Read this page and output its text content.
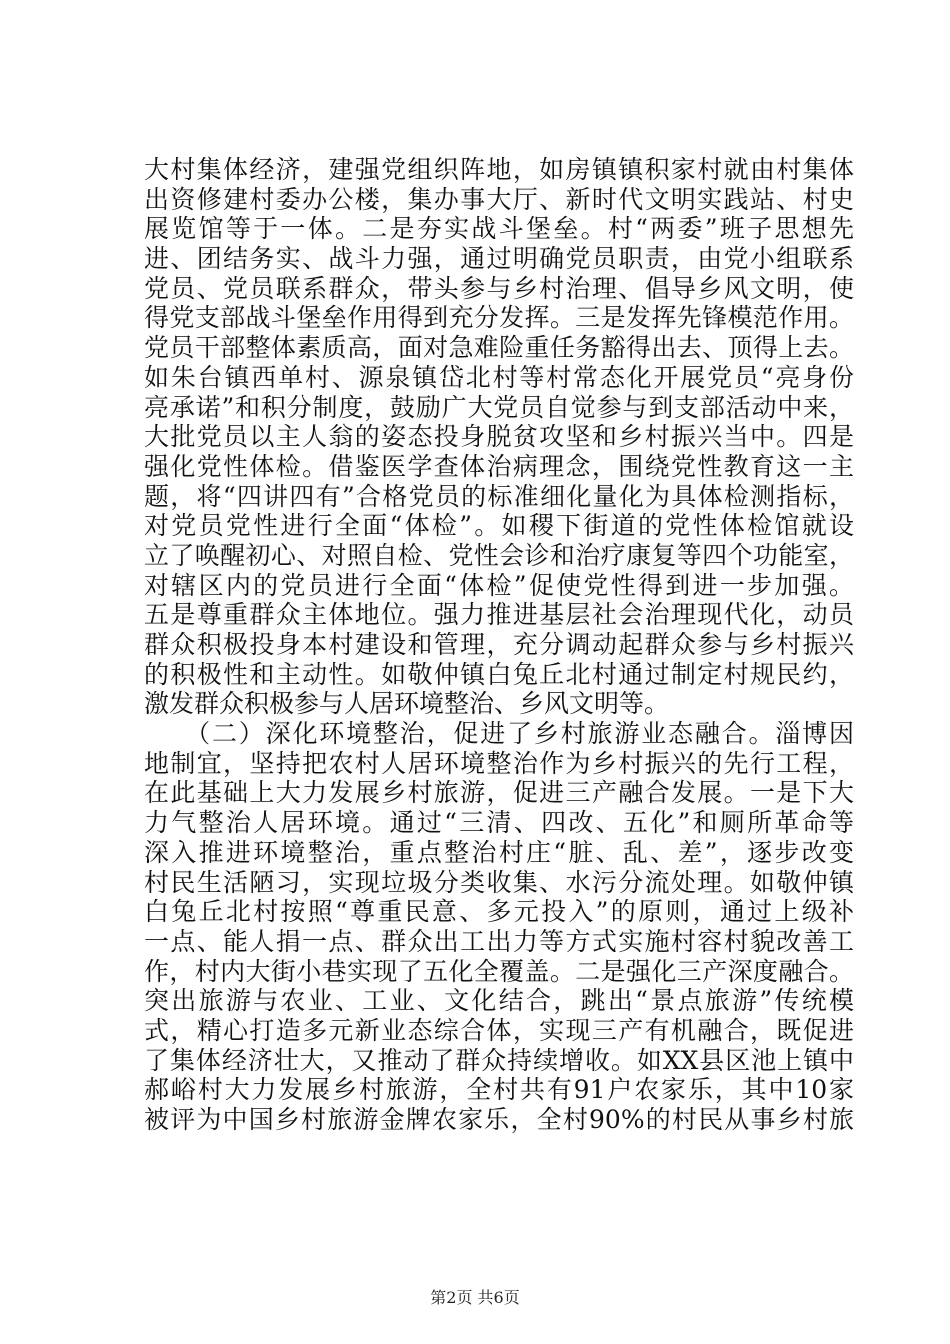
大村集体经济，建强党组织阵地，如房镇镇积家村就由村集体
出资修建村委办公楼，集办事大厅、新时代文明实践站、村史
展览馆等于一体。二是夯实战斗堡垒。村“两委”班子思想先
进、团结务实、战斗力强，通过明确党员职责，由党小组联系
党员、党员联系群众，带头参与乡村治理、倡导乡风文明，使
得党支部战斗堡垒作用得到充分发挥。三是发挥先锋模范作用。
党员干部整体素质高，面对急难险重任务豁得出去、顶得上去。
如朱台镇西单村、源泉镇岱北村等村常态化开展党员“亮身份
亮承诺”和积分制度，鼓励广大党员自觉参与到支部活动中来，
大批党员以主人翁的姿态投身脱贫攻坚和乡村振兴当中。四是
强化党性体检。借鉴医学查体治病理念，围绕党性教育这一主
题，将“四讲四有”合格党员的标准细化量化为具体检测指标，
对党员党性进行全面“体检”。如稷下街道的党性体检馆就设
立了唤醒初心、对照自检、党性会诊和治疗康复等四个功能室，
对辖区内的党员进行全面“体检”促使党性得到进一步加强。
五是尊重群众主体地位。强力推进基层社会治理现代化，动员
群众积极投身本村建设和管理，充分调动起群众参与乡村振兴
的积极性和主动性。如敬仲镇白兔丘北村通过制定村规民约，
激发群众积极参与人居环境整治、乡风文明等。
　　（二）深化环境整治，促进了乡村旅游业态融合。淄博因
地制宜，坚持把农村人居环境整治作为乡村振兴的先行工程，
在此基础上大力发展乡村旅游，促进三产融合发展。一是下大
力气整治人居环境。通过“三清、四改、五化”和厕所革命等
深入推进环境整治，重点整治村庄“脏、乱、差”，逐步改变
村民生活陋习，实现垃圾分类收集、水污分流处理。如敬仲镇
白兔丘北村按照“尊重民意、多元投入”的原则，通过上级补
一点、能人捐一点、群众出工出力等方式实施村容村貌改善工
作，村内大街小巷实现了五化全覆盖。二是强化三产深度融合。
突出旅游与农业、工业、文化结合，跳出“景点旅游”传统模
式，精心打造多元新业态综合体，实现三产有机融合，既促进
了集体经济壮大，又推动了群众持续增收。如XX县区池上镇中
郝峪村大力发展乡村旅游，全村共有91户农家乐，其中10家
被评为中国乡村旅游金牌农家乐，全村90%的村民从事乡村旅
第2页 共6页
